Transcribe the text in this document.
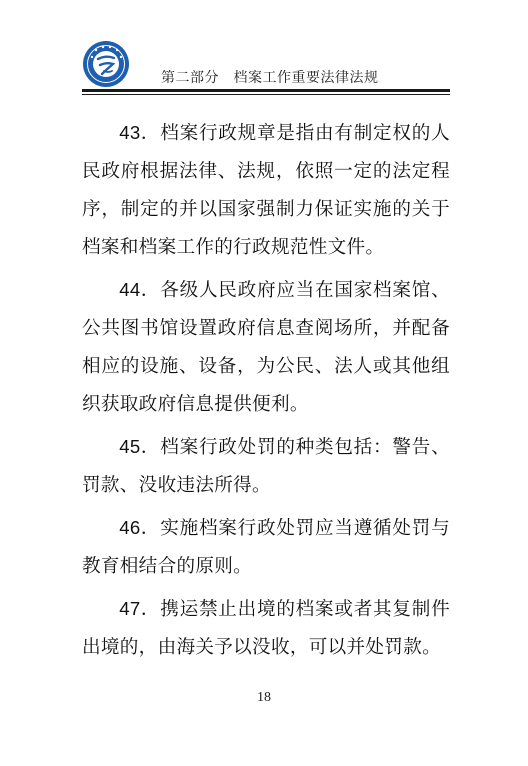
第二部分　档案工作重要法律法规

43．档案行政规章是指由有制定权的人民政府根据法律、法规，依照一定的法定程序，制定的并以国家强制力保证实施的关于档案和档案工作的行政规范性文件。

44．各级人民政府应当在国家档案馆、公共图书馆设置政府信息查阅场所，并配备相应的设施、设备，为公民、法人或其他组织获取政府信息提供便利。

45．档案行政处罚的种类包括：警告、罚款、没收违法所得。

46．实施档案行政处罚应当遵循处罚与教育相结合的原则。

47．携运禁止出境的档案或者其复制件出境的，由海关予以没收，可以并处罚款。

18
